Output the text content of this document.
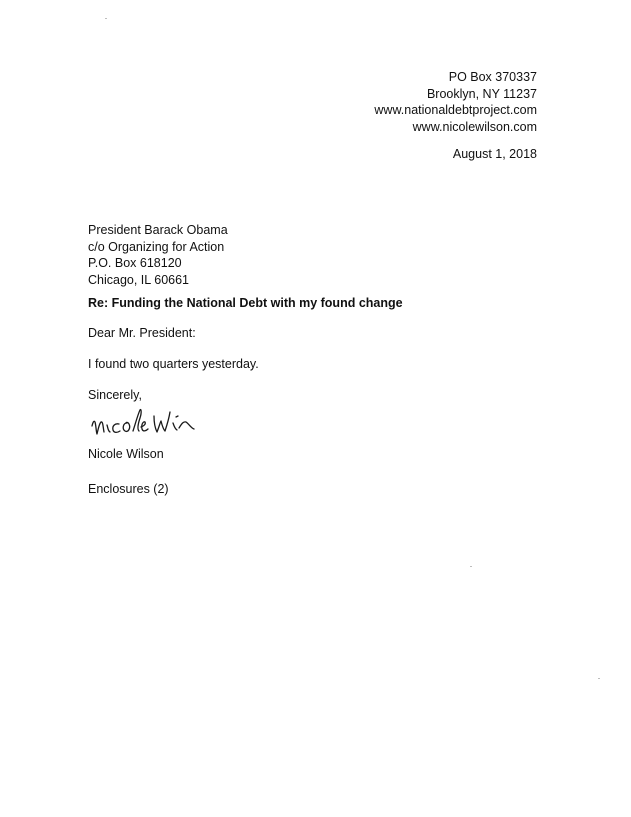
PO Box 370337
Brooklyn, NY 11237
www.nationaldebtproject.com
www.nicolewilson.com
August 1, 2018
President Barack Obama
c/o Organizing for Action
P.O. Box 618120
Chicago, IL 60661
Re: Funding the National Debt with my found change
Dear Mr. President:
I found two quarters yesterday.
Sincerely,
Nicole Wilson
Enclosures (2)
